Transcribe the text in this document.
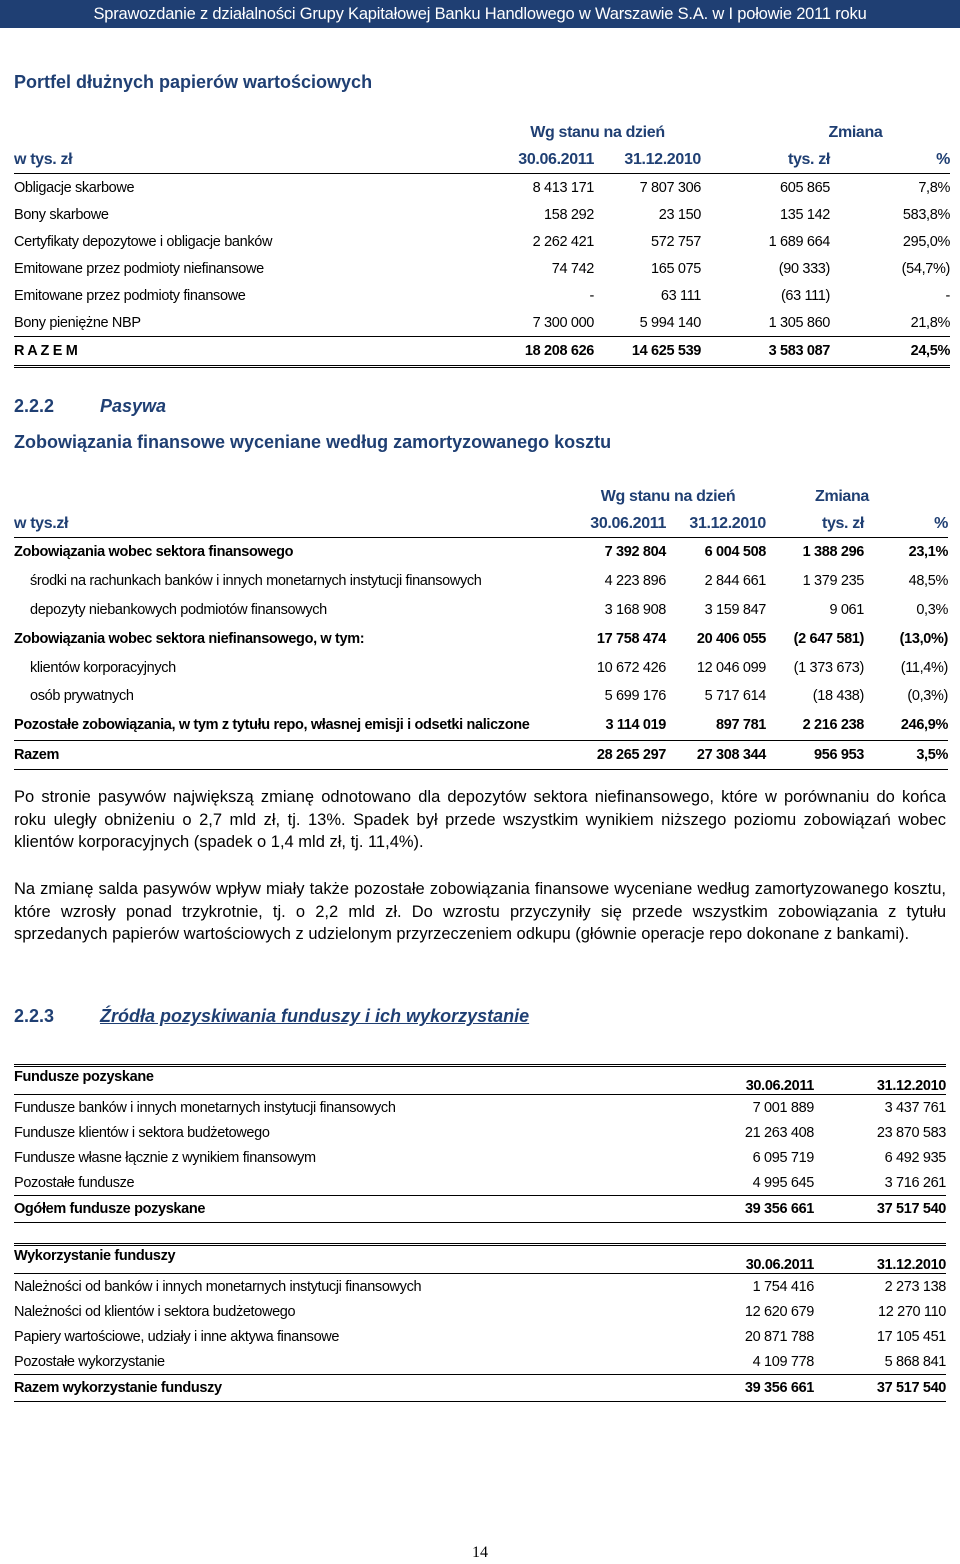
Sprawozdanie z działalności Grupy Kapitałowej Banku Handlowego w Warszawie S.A. w I połowie 2011 roku
Portfel dłużnych papierów wartościowych
	Wg stanu na dzień		Zmiana	
w tys. zł	30.06.2011	31.12.2010	tys. zł	%
Obligacje skarbowe	8 413 171	7 807 306	605 865	7,8%
Bony skarbowe	158 292	23 150	135 142	583,8%
Certyfikaty depozytowe i obligacje banków	2 262 421	572 757	1 689 664	295,0%
Emitowane przez podmioty niefinansowe	74 742	165 075	(90 333)	(54,7%)
Emitowane przez podmioty finansowe	-	63 111	(63 111)	-
Bony pieniężne NBP	7 300 000	5 994 140	1 305 860	21,8%
R A Z E M	18 208 626	14 625 539	3 583 087	24,5%
2.2.2	Pasywa
Zobowiązania finansowe wyceniane według zamortyzowanego kosztu
	Wg stanu na dzień		Zmiana	
w tys.zł	30.06.2011	31.12.2010	tys. zł	%
Zobowiązania wobec sektora finansowego	7 392 804	6 004 508	1 388 296	23,1%
środki na rachunkach banków i innych monetarnych instytucji finansowych	4 223 896	2 844 661	1 379 235	48,5%
depozyty niebankowych podmiotów finansowych	3 168 908	3 159 847	9 061	0,3%
Zobowiązania wobec sektora niefinansowego, w tym:	17 758 474	20 406 055	(2 647 581)	(13,0%)
klientów korporacyjnych	10 672 426	12 046 099	(1 373 673)	(11,4%)
osób prywatnych	5 699 176	5 717 614	(18 438)	(0,3%)
Pozostałe zobowiązania, w tym z tytułu repo, własnej emisji i odsetki naliczone	3 114 019	897 781	2 216 238	246,9%
Razem	28 265 297	27 308 344	956 953	3,5%
Po stronie pasywów największą zmianę odnotowano dla depozytów sektora niefinansowego, które w porównaniu do końca roku uległy obniżeniu o 2,7 mld zł, tj. 13%. Spadek był przede wszystkim wynikiem niższego poziomu zobowiązań wobec klientów korporacyjnych (spadek o 1,4 mld zł, tj. 11,4%).
Na zmianę salda pasywów wpływ miały także pozostałe zobowiązania finansowe wyceniane według zamortyzowanego kosztu, które wzrosły ponad trzykrotnie, tj. o 2,2 mld zł. Do wzrostu przyczyniły się przede wszystkim zobowiązania z tytułu sprzedanych papierów wartościowych z udzielonym przyrzeczeniem odkupu (głównie operacje repo dokonane z bankami).
2.2.3	Źródła pozyskiwania funduszy i ich wykorzystanie
Fundusze pozyskane	30.06.2011	31.12.2010
Fundusze banków i innych monetarnych instytucji finansowych	7 001 889	3 437 761
Fundusze klientów i sektora budżetowego	21 263 408	23 870 583
Fundusze własne łącznie z wynikiem finansowym	6 095 719	6 492 935
Pozostałe fundusze	4 995 645	3 716 261
Ogółem fundusze pozyskane	39 356 661	37 517 540
Wykorzystanie funduszy	30.06.2011	31.12.2010
Należności od banków i innych monetarnych instytucji finansowych	1 754 416	2 273 138
Należności od klientów i sektora budżetowego	12 620 679	12 270 110
Papiery wartościowe, udziały i inne aktywa finansowe	20 871 788	17 105 451
Pozostałe wykorzystanie	4 109 778	5 868 841
Razem wykorzystanie funduszy	39 356 661	37 517 540
14
